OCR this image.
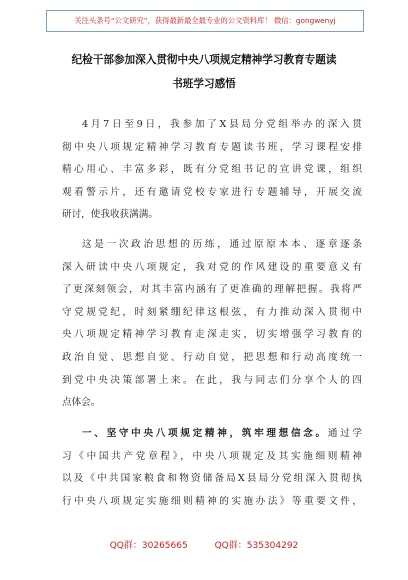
关注头条号“公文研究”，获得最新最全最专业的公文资料库！ 微信：gongwenyj
纪检干部参加深入贯彻中央八项规定精神学习教育专题读
书班学习感悟
4月7日至9日，我参加了X县局分党组举办的深入贯
彻中央八项规定精神学习教育专题读书班，学习课程安排
精心用心、丰富多彩，既有分党组书记的宣讲党课，组织
观看警示片，还有邀请党校专家进行专题辅导，开展交流
研讨，使我收获满满。
这是一次政治思想的历练，通过原原本本、逐章逐条
深入研读中央八项规定，我对党的作风建设的重要意义有
了更深刻领会，对其丰富内涵有了更准确的理解把握。我将严
守党规党纪，时刻紧绷纪律这根弦，有力推动深入贯彻中
央八项规定精神学习教育走深走实，切实增强学习教育的
政治自觉、思想自觉、行动自觉，把思想和行动高度统一
到党中央决策部署上来。在此，我与同志们分享个人的四
点体会。
一、坚守中央八项规定精神，筑牢理想信念。通过学
习《中国共产党章程》，中央八项规定及其实施细则精神
以及《中共国家粮食和物资储备局X县局分党组深入贯彻执
行中央八项规定实施细则精神的实施办法》等重要文件，
QQ群：30265665	QQ群：535304292
